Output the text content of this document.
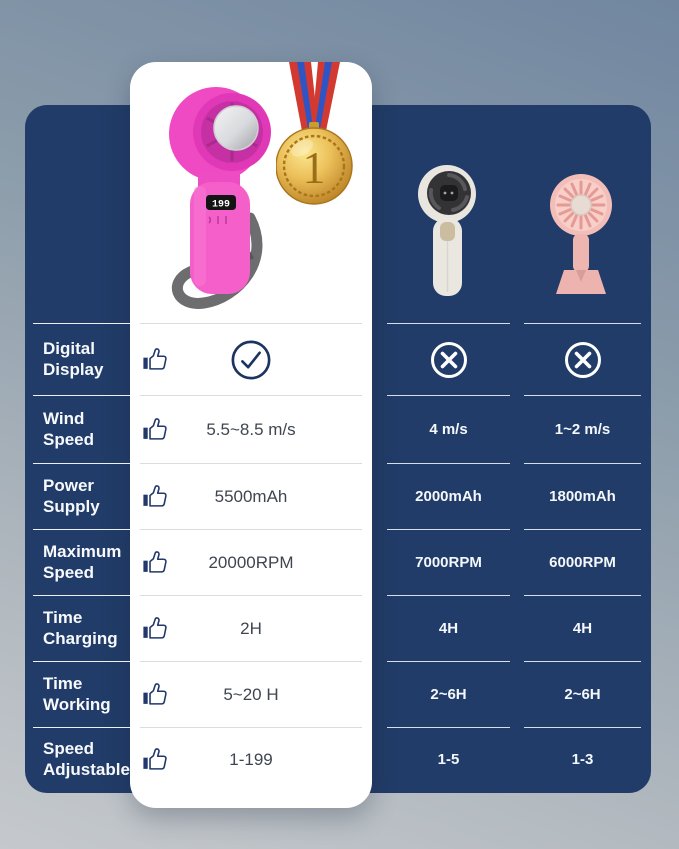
199
1
Digital Display
Wind Speed
Power Supply
Maximum Speed
Time Charging
Time Working
Speed Adjustable
5.5~8.5 m/s
5500mAh
20000RPM
2H
5~20 H
1-199
4 m/s
2000mAh
7000RPM
4H
2~6H
1-5
1~2 m/s
1800mAh
6000RPM
4H
2~6H
1-3
